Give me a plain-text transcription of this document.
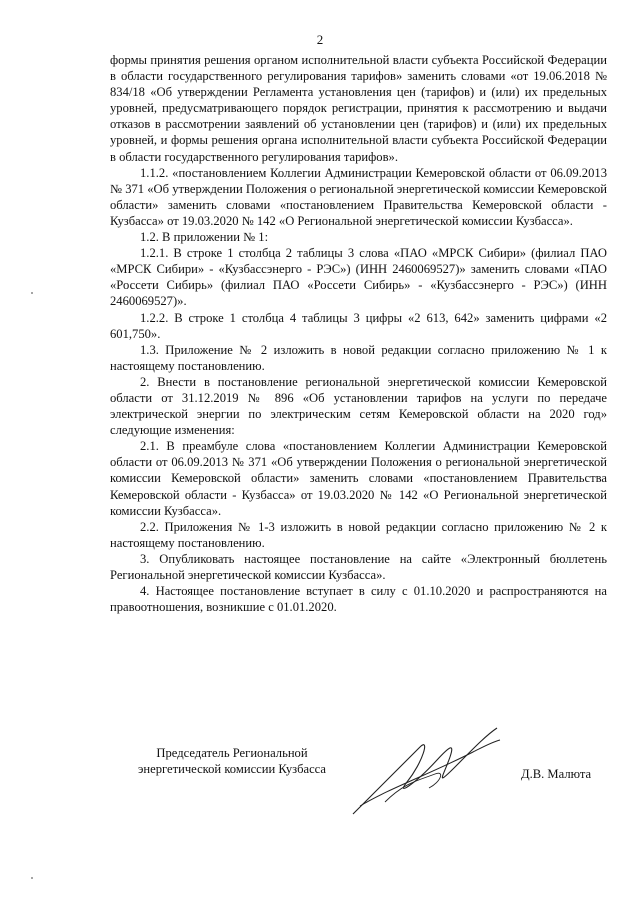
2

формы принятия решения органом исполнительной власти субъекта Российской Федерации в области государственного регулирования тарифов» заменить словами «от 19.06.2018 № 834/18 «Об утверждении Регламента установления цен (тарифов) и (или) их предельных уровней, предусматривающего порядок регистрации, принятия к рассмотрению и выдачи отказов в рассмотрении заявлений об установлении цен (тарифов) и (или) их предельных уровней, и формы решения органа исполнительной власти субъекта Российской Федерации в области государственного регулирования тарифов».

1.1.2. «постановлением Коллегии Администрации Кемеровской области от 06.09.2013 № 371 «Об утверждении Положения о региональной энергетической комиссии Кемеровской области» заменить словами «постановлением Правительства Кемеровской области - Кузбасса» от 19.03.2020 № 142 «О Региональной энергетической комиссии Кузбасса».

1.2. В приложении № 1:

1.2.1. В строке 1 столбца 2 таблицы 3 слова «ПАО «МРСК Сибири» (филиал ПАО «МРСК Сибири» - «Кузбассэнерго - РЭС») (ИНН 2460069527)» заменить словами «ПАО «Россети Сибирь» (филиал ПАО «Россети Сибирь» - «Кузбассэнерго - РЭС») (ИНН 2460069527)».

1.2.2. В строке 1 столбца 4 таблицы 3 цифры «2 613, 642» заменить цифрами «2 601,750».

1.3. Приложение № 2 изложить в новой редакции согласно приложению № 1 к настоящему постановлению.

2. Внести в постановление региональной энергетической комиссии Кемеровской области от 31.12.2019 № 896 «Об установлении тарифов на услуги по передаче электрической энергии по электрическим сетям Кемеровской области на 2020 год» следующие изменения:

2.1. В преамбуле слова «постановлением Коллегии Администрации Кемеровской области от 06.09.2013 № 371 «Об утверждении Положения о региональной энергетической комиссии Кемеровской области» заменить словами «постановлением Правительства Кемеровской области - Кузбасса» от 19.03.2020 № 142 «О Региональной энергетической комиссии Кузбасса».

2.2. Приложения № 1-3 изложить в новой редакции согласно приложению № 2 к настоящему постановлению.

3. Опубликовать настоящее постановление на сайте «Электронный бюллетень Региональной энергетической комиссии Кузбасса».

4. Настоящее постановление вступает в силу с 01.10.2020 и распространяются на правоотношения, возникшие с 01.01.2020.

Председатель Региональной
энергетической комиссии Кузбасса	Д.В. Малюта
